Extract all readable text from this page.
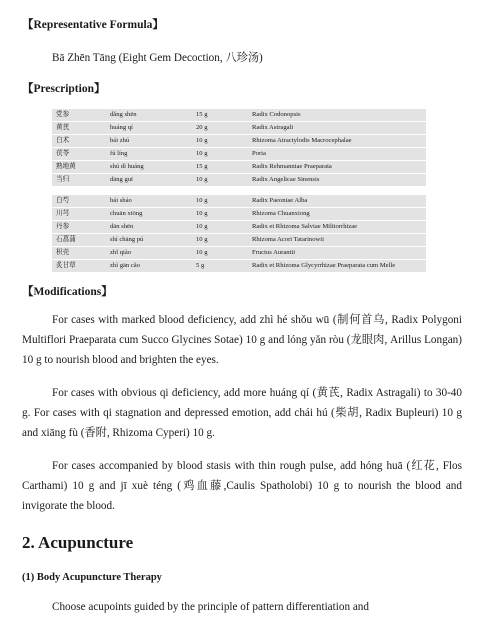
【Representative Formula】
Bā Zhēn Tāng (Eight Gem Decoction, 八珍汤)
【Prescription】
党参	dǎng shēn	15 g	Radix Codonopsis
黄芪	huáng qí	20 g	Radix Astragali
白术	bái zhú	10 g	Rhizoma Atractylodis Macrocephalae
茯苓	fú líng	10 g	Poria
熟地黄	shú dì huáng	15 g	Radix Rehmanniae Praeparata
当归	dāng guī	10 g	Radix Angelicae Sinensis
白芍	bái sháo	10 g	Radix Paeoniae Alba
川芎	chuān xiōng	10 g	Rhizoma Chuanxiong
丹参	dān shēn	10 g	Radix et Rhizoma Salviae Miltiorrhizae
石菖蒲	shí chāng pú	10 g	Rhizoma Acori Tatarinowii
枳壳	zhǐ qiào	10 g	Fructus Aurantii
炙甘草	zhì gān cǎo	5 g	Radix et Rhizoma Glycyrrhizae Praeparata cum Melle
【Modifications】
For cases with marked blood deficiency, add zhì hé shǒu wū (制何首乌, Radix Polygoni Multiflori Praeparata cum Succo Glycines Sotae) 10 g and lóng yǎn ròu (龙眼肉, Arillus Longan) 10 g to nourish blood and brighten the eyes.
For cases with obvious qi deficiency, add more huáng qí (黄芪, Radix Astragali) to 30-40 g. For cases with qi stagnation and depressed emotion, add chái hú (柴胡, Radix Bupleuri) 10 g and xiāng fù (香附, Rhizoma Cyperi) 10 g.
For cases accompanied by blood stasis with thin rough pulse, add hóng huā (红花, Flos Carthami) 10 g and jī xuè téng (鸡血藤,Caulis Spatholobi) 10 g to nourish the blood and invigorate the blood.
2. Acupuncture
(1) Body Acupuncture Therapy
Choose acupoints guided by the principle of pattern differentiation and
